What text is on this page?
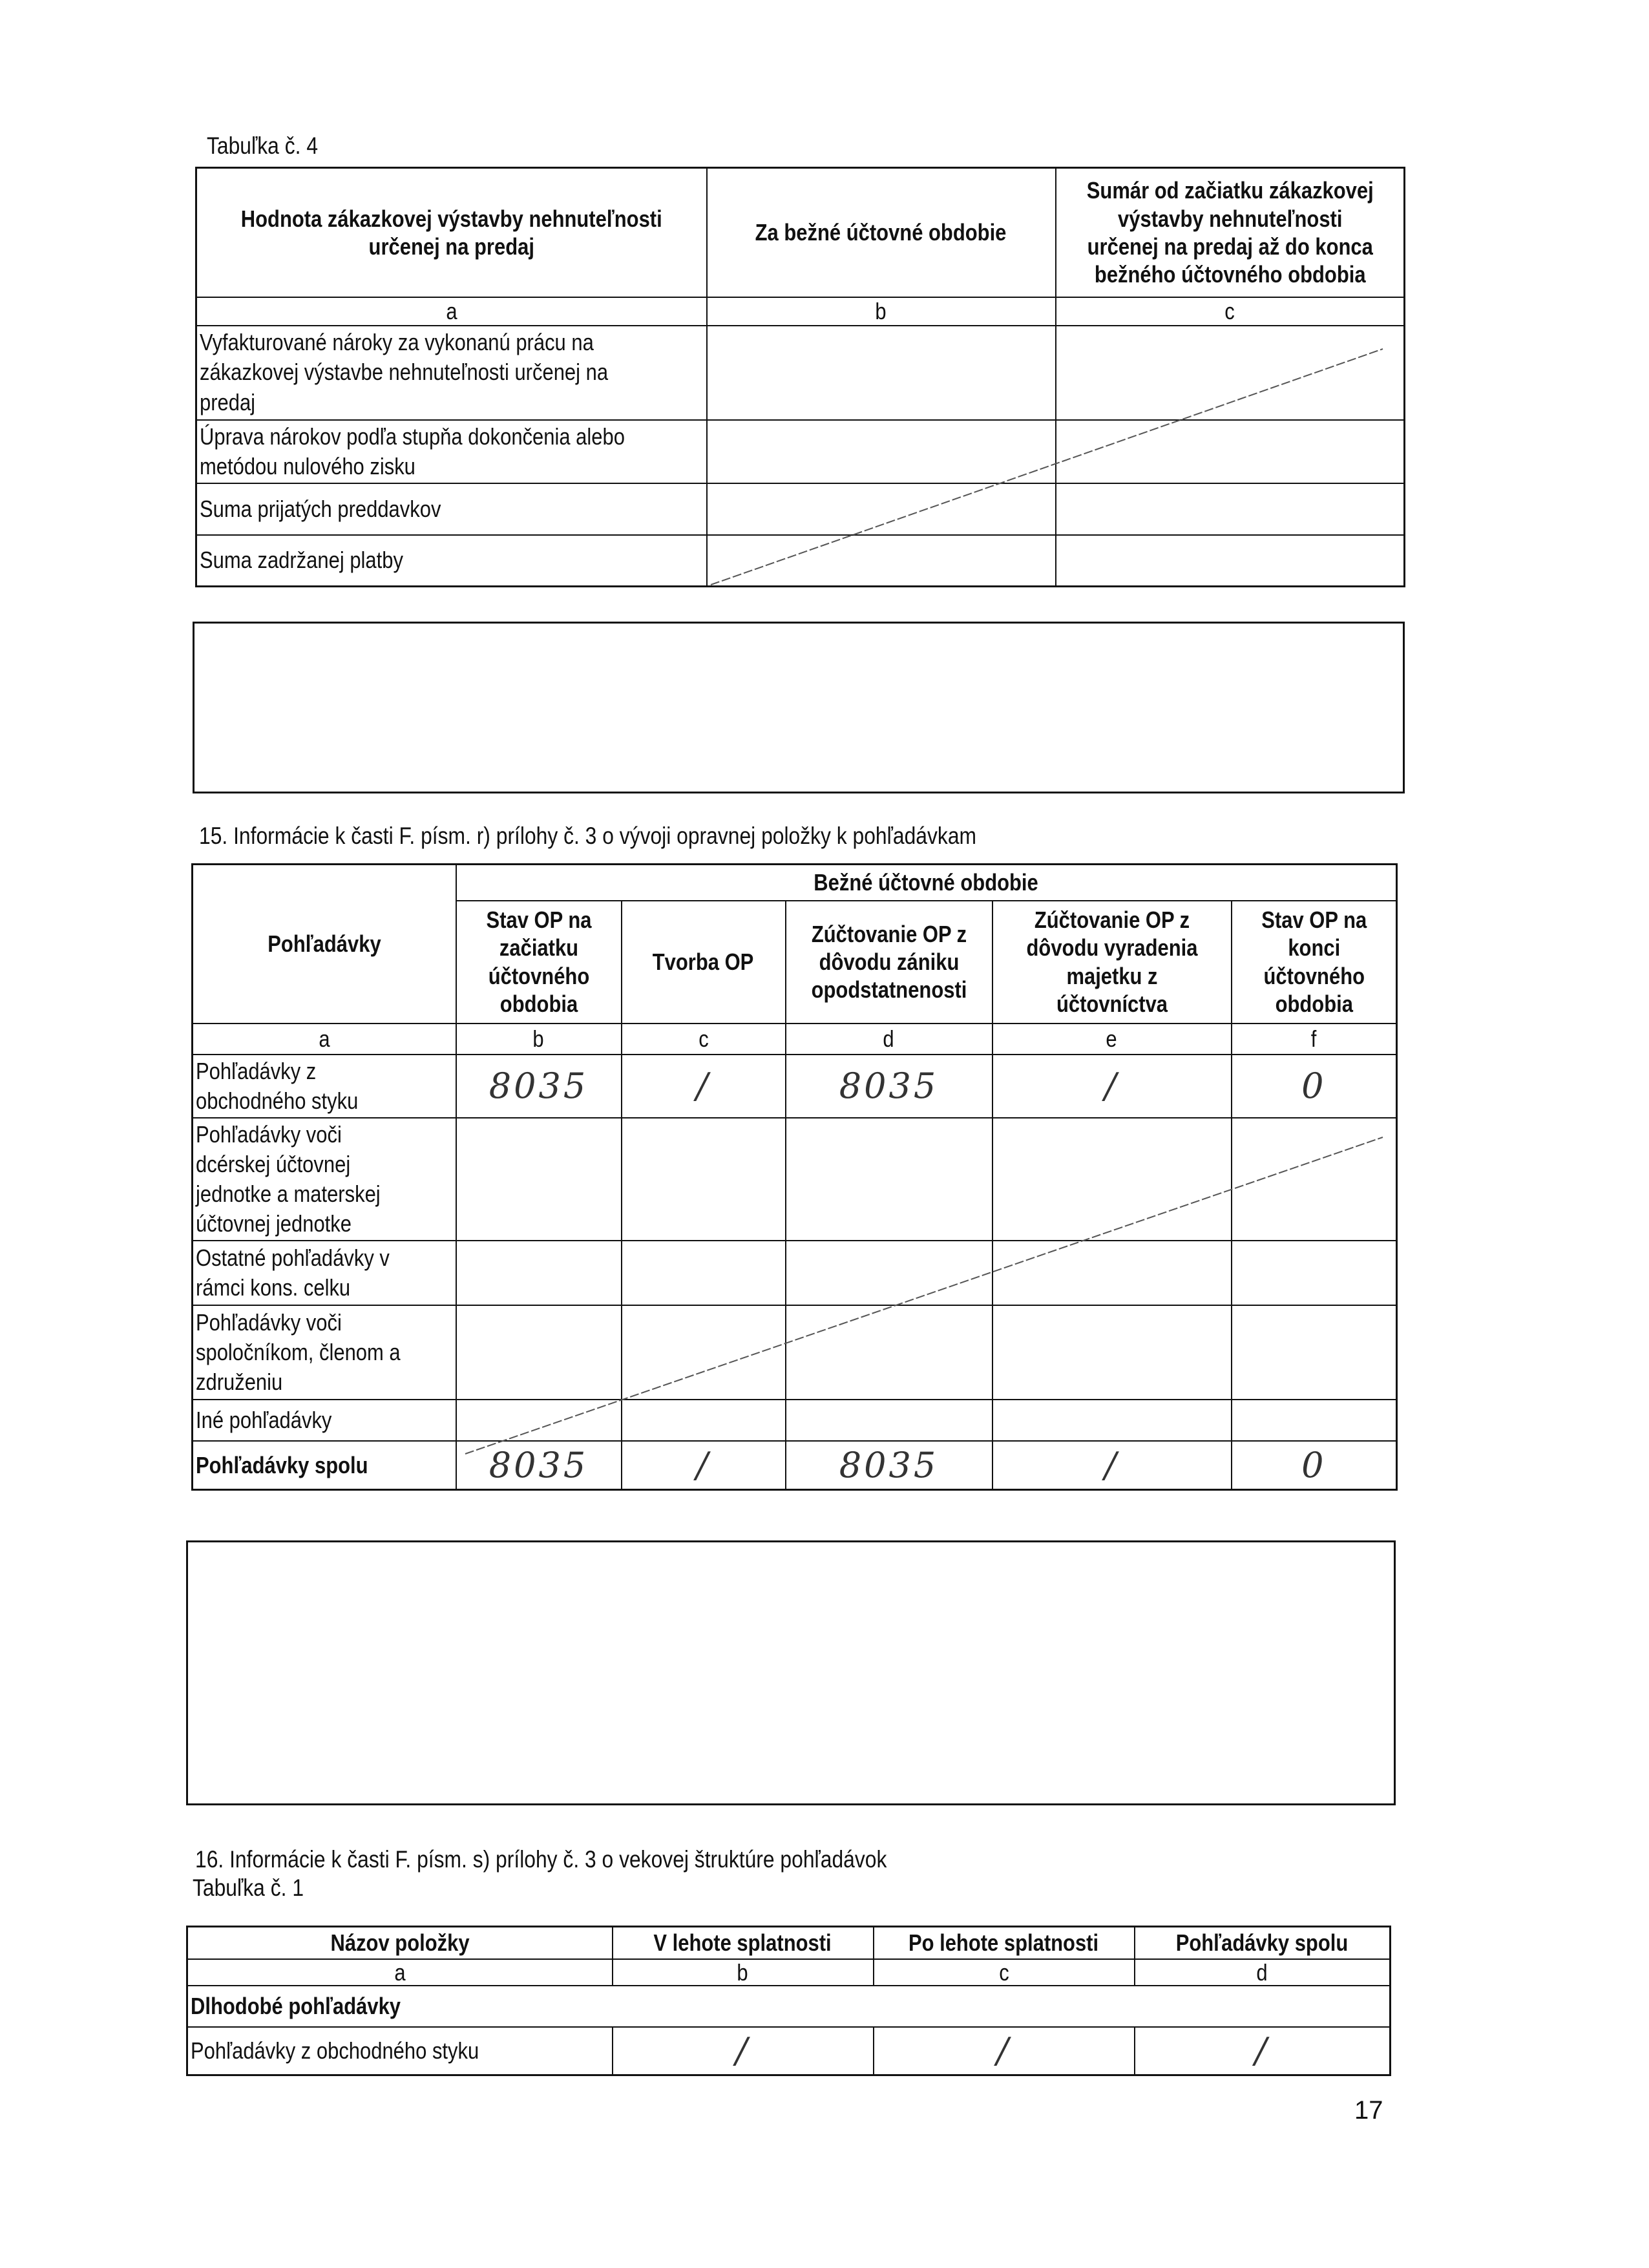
Tabuľka č. 4
Hodnota zákazkovej výstavby nehnuteľnosti určenej na predaj	Za bežné účtovné obdobie	Sumár od začiatku zákazkovej výstavby nehnuteľnosti určenej na predaj až do konca bežného účtovného obdobia
a	b	c
Vyfakturované nároky za vykonanú prácu na zákazkovej výstavbe nehnuteľnosti určenej na predaj		
Úprava nárokov podľa stupňa dokončenia alebo metódou nulového zisku		
Suma prijatých preddavkov		
Suma zadržanej platby		
15. Informácie k časti F. písm. r) prílohy č. 3 o vývoji opravnej položky k pohľadávkam
Pohľadávky	Bežné účtovné obdobie				
	Stav OP na začiatku účtovného obdobia	Tvorba OP	Zúčtovanie OP z dôvodu zániku opodstatnenosti	Zúčtovanie OP z dôvodu vyradenia majetku z účtovníctva	Stav OP na konci účtovného obdobia
a	b	c	d	e	f
Pohľadávky z obchodného styku	8035	/	8035	/	0
Pohľadávky voči dcérskej účtovnej jednotke a materskej účtovnej jednotke					
Ostatné pohľadávky v rámci kons. celku					
Pohľadávky voči spoločníkom, členom a združeniu					
Iné pohľadávky					
Pohľadávky spolu	8035	/	8035	/	0
16. Informácie k časti F. písm. s) prílohy č. 3 o vekovej štruktúre pohľadávok
Tabuľka č. 1
Názov položky	V lehote splatnosti	Po lehote splatnosti	Pohľadávky spolu
a	b	c	d
Dlhodobé pohľadávky			
Pohľadávky z obchodného styku	/	/	/
17
